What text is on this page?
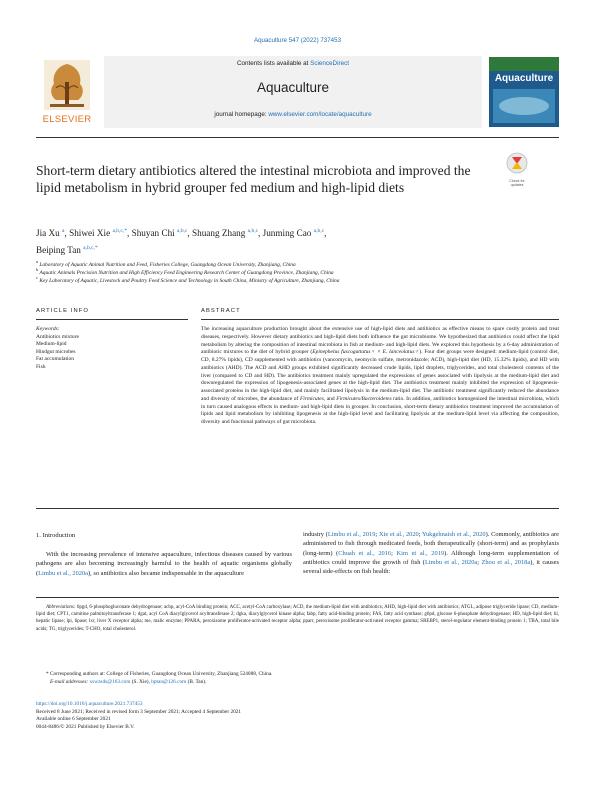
Aquaculture 547 (2022) 737453
ELSEVIER
Contents lists available at ScienceDirect
Aquaculture
journal homepage: www.elsevier.com/locate/aquaculture
Aquaculture
Check for updates
Short-term dietary antibiotics altered the intestinal microbiota and improved the lipid metabolism in hybrid grouper fed medium and high-lipid diets
Jia Xu $^a$, Shiwei Xie $^{a,b,c,*}$, Shuyan Chi $^{a,b,c}$, Shuang Zhang $^{a,b,c}$, Junming Cao $^{a,b,c}$,
Beiping Tan $^{a,b,c,*}$
$^a$ Laboratory of Aquatic Animal Nutrition and Feed, Fisheries College, Guangdong Ocean University, Zhanjiang, China
$^b$ Aquatic Animals Precision Nutrition and High Efficiency Feed Engineering Research Center of Guangdong Province, Zhanjiang, China
$^c$ Key Laboratory of Aquatic, Livestock and Poultry Feed Science and Technology in South China, Ministry of Agriculture, Zhanjiang, China
ARTICLE INFO	ABSTRACT
Keywords:
Antibiotics mixture
Medium-lipid
Hindgut microbes
Fat accumulation
Fish
The increasing aquaculture production brought about the extensive use of high-lipid diets and antibiotics as effective means to spare costly protein and treat diseases, respectively. However dietary antibiotics and high-lipid diets both influence the gut microbiome. We hypothesized that antibiotics could affect the lipid metabolism by altering the composition of intestinal microbiota in fish at medium- and high-lipid diets. We explored this hypothesis by a 6-day administration of antibiotic mixtures to the diet of hybrid grouper (Epinephelus fuscoguttatus♀ × E. lanceolatus♂). Four diet groups were designed: medium-lipid (control diet, CD, 8.27% lipids), CD supplemented with antibiotics (vancomycin, neomycin sulfate, metronidazole; ACD), high-lipid diet (HD, 15.32% lipids), and HD with antibiotics (AHD). The ACD and AHD groups exhibited significantly decreased crude lipids, lipid droplets, triglycerides, and total cholesterol contents of the liver (compared to CD and HD). The antibiotics treatment mainly upregulated the expressions of genes associated with lipolysis at the medium-lipid diet and downregulated the expression of lipogenesis-associated genes at the high-lipid diet. The antibiotics treatment mainly inhibited the expression of lipogenesis-associated proteins in the high-lipid diet, and mainly facilitated lipolysis in the medium-lipid diet. The antibiotic treatment significantly reduced the abundance and diversity of microbes, the abundance of Firmicutes, and Firmicutes/Bacteroidetes ratio. In addition, antibiotics homogenized the intestinal microbiota, which in turn caused analogous effects in medium- and high-lipid diets in grouper. In conclusion, short-term dietary antibiotics treatment improved the accumulation of lipids and lipid metabolism by inhibiting lipogenesis at the high-lipid level and facilitating lipolysis at the medium-lipid level via affecting the composition, diversity and functional pathways of gut microbiota.
1. Introduction
With the increasing prevalence of intensive aquaculture, infectious diseases caused by various pathogens are also becoming increasingly harmful to the health of aquatic organisms globally (Limbu et al., 2020a), so antibiotics also became indispensable in the aquaculture
industry (Limbu et al., 2019; Xie et al., 2020; Yukgehnaish et al., 2020). Commonly, antibiotics are administered to fish through medicated feeds, both therapeutically (short-term) and as prophylaxis (long-term) (Chuah et al., 2016; Kim et al., 2019). Although long-term supplementation of antibiotics could improve the growth of fish (Limbu et al., 2020a; Zhou et al., 2018a), it causes several side-effects on fish health:
Abbreviations: 6pgd, 6-phosphogluconate dehydrogenase; acbp, acyl-CoA binding protein; ACC, acetyl-CoA carboxylase; ACD, the medium-lipid diet with antibiotics; AHD, high-lipid diet with antibiotics; ATGL, adipose triglyceride lipase; CD, medium-lipid diet; CPT1, carnitine palmitoyltransferase 1; dgat, acyl CoA diacylglycerol acyltransferase 2; dgka, diacylglycerol kinase alpha; fabp, fatty acid-binding protein; FAS, fatty acid synthase; g6pd, glucose 6-phosphate dehydrogenase; HD, high-lipid diet; hl, hepatic lipase; lpi, lipase; lxr, liver X receptor alpha; me, malic enzyme; PPARA, peroxisome proliferator-activated receptor alpha; pparr, peroxisome proliferator-activated receptor gamma; SREBP1, sterol-regulator element-binding protein 1; TBA, total bile acids; TG, triglycerides; T-CHO, total cholesterol.
* Corresponding authors at: College of Fisheries, Guangdong Ocean University, Zhanjiang 524088, China.
E-mail addresses: xswzsds@163.com (S. Xie), bptan@126.com (B. Tan).
https://doi.org/10.1016/j.aquaculture.2021.737453
Received 8 June 2021; Received in revised form 3 September 2021; Accepted 4 September 2021
Available online 6 September 2021
0044-8486/© 2021 Published by Elsevier B.V.
